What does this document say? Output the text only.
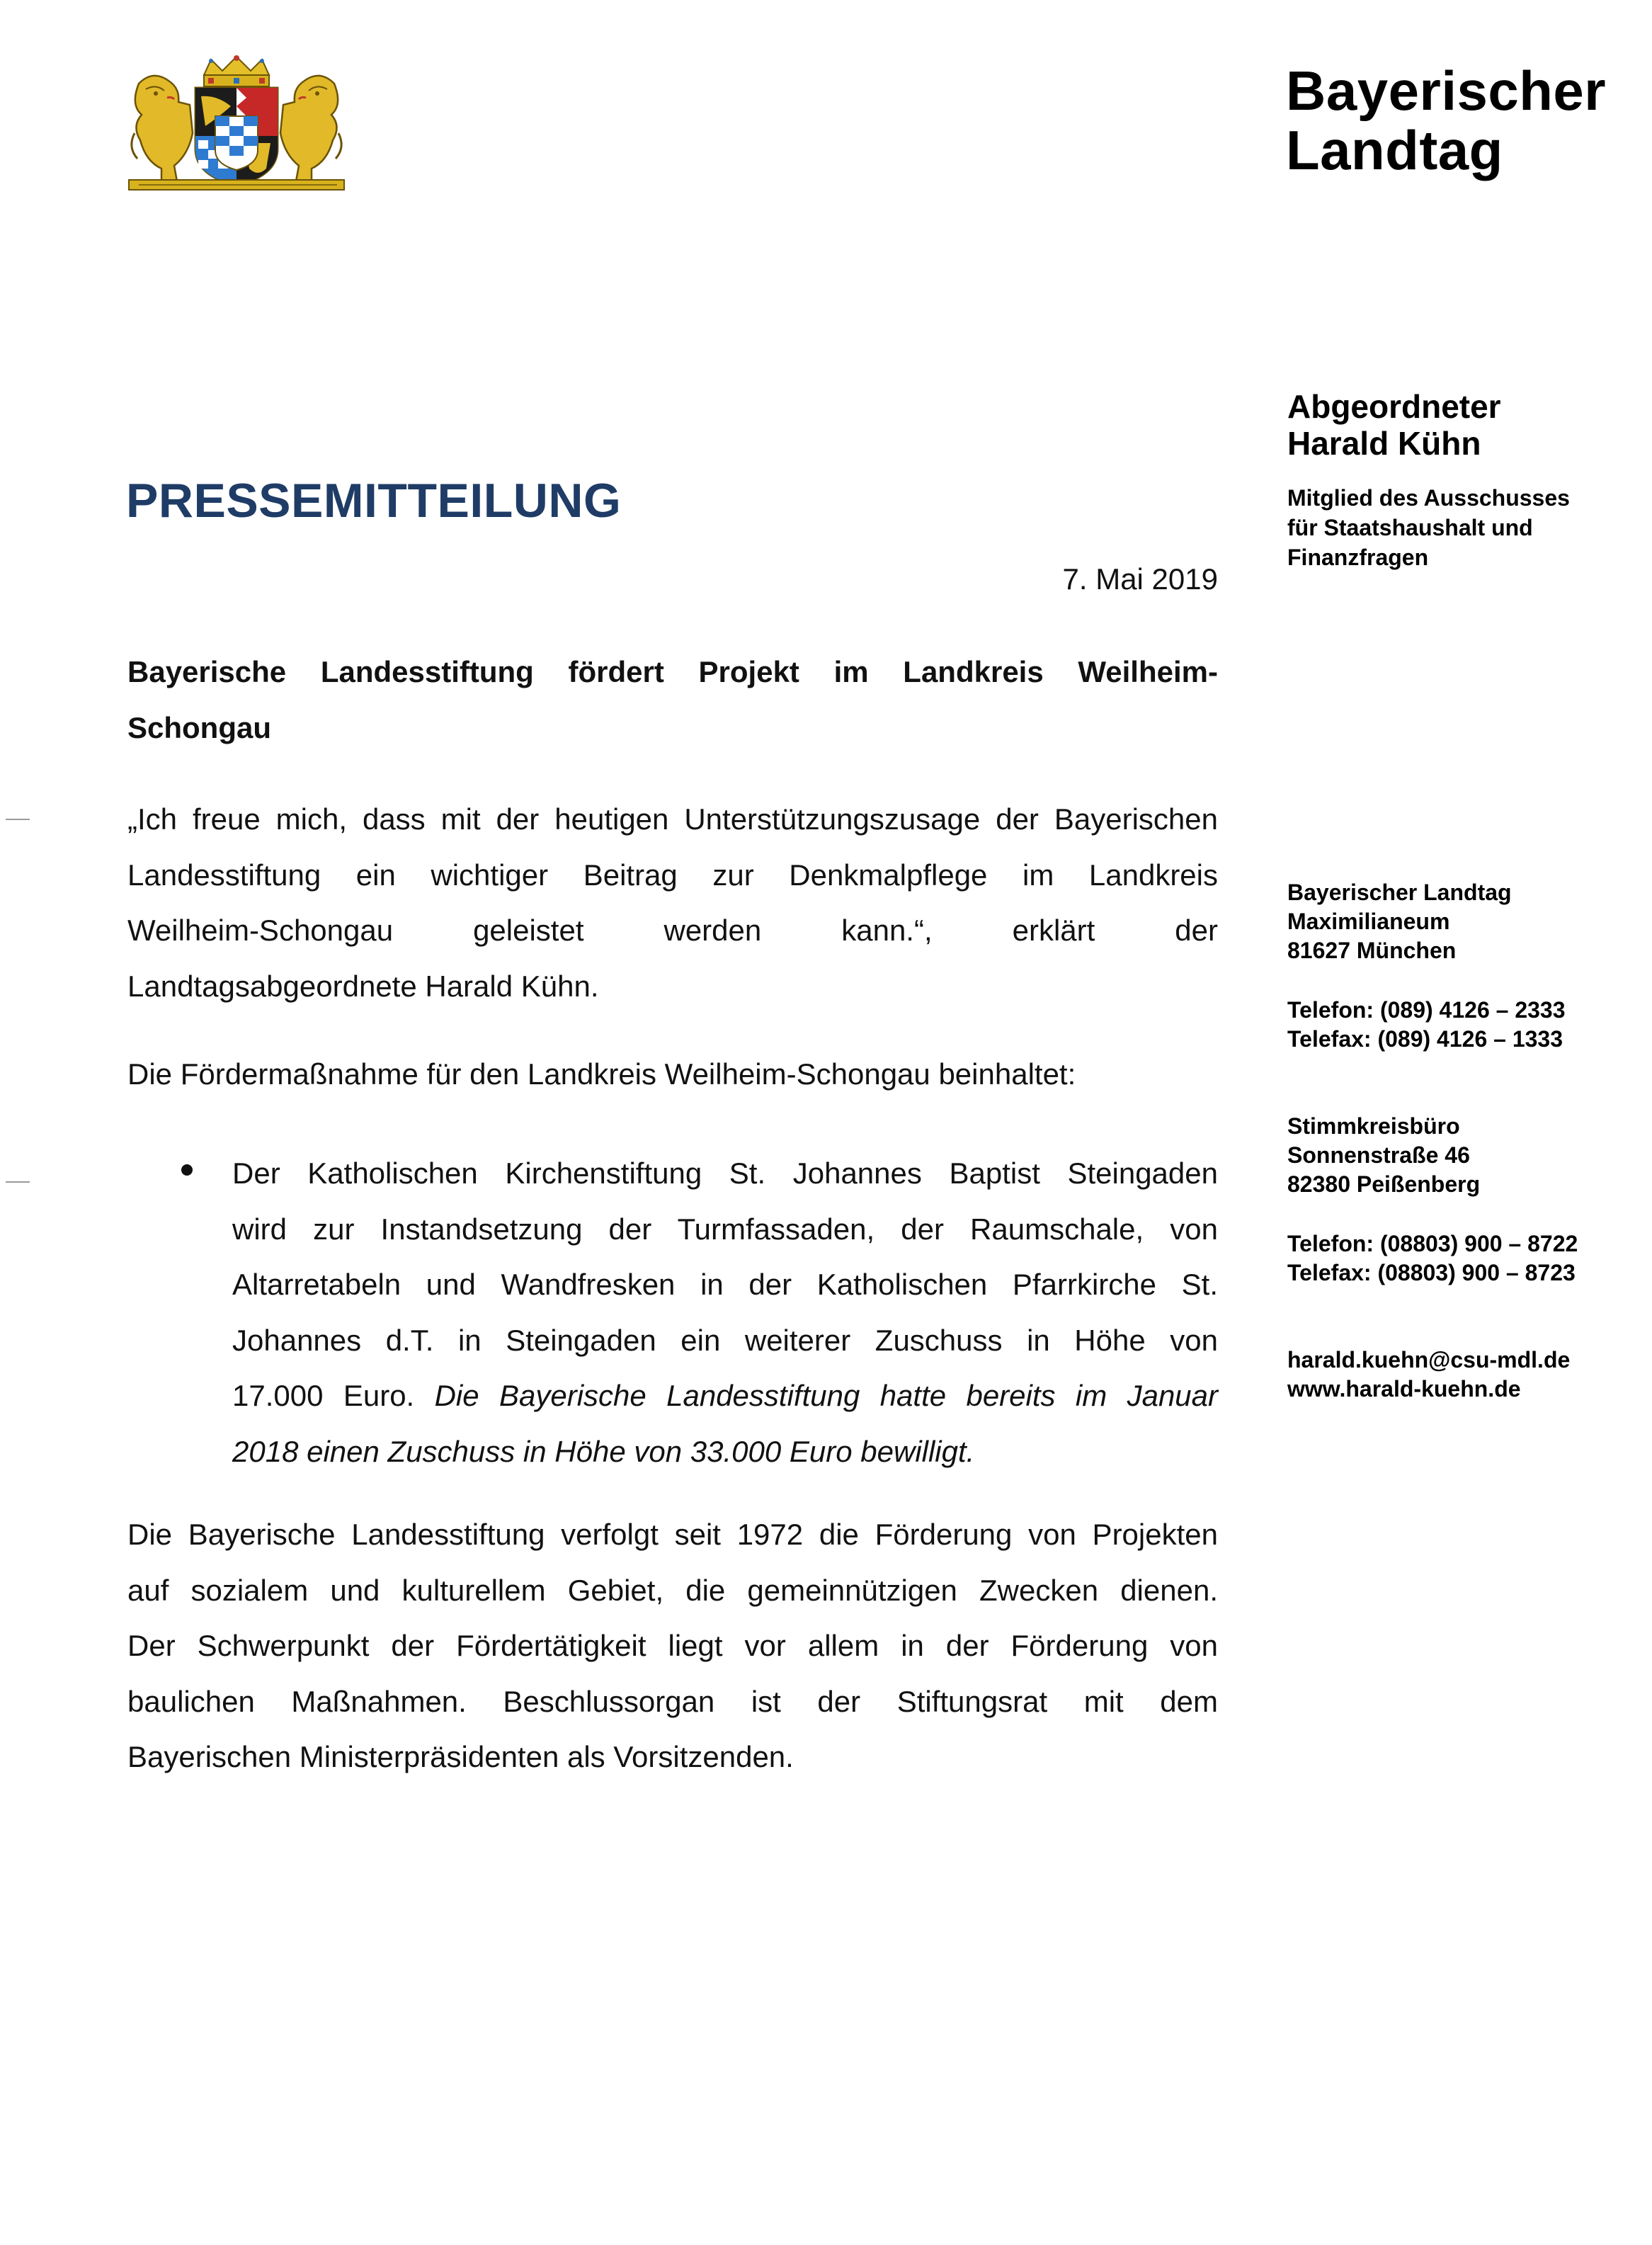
Bayerischer
Landtag
Abgeordneter
Harald Kühn
Mitglied des Ausschusses
für Staatshaushalt und
Finanzfragen
Bayerischer Landtag
Maximilianeum
81627 München
Telefon: (089) 4126 – 2333
Telefax: (089) 4126 – 1333
Stimmkreisbüro
Sonnenstraße 46
82380 Peißenberg
Telefon: (08803) 900 – 8722
Telefax: (08803) 900 – 8723
harald.kuehn@csu-mdl.de
www.harald-kuehn.de
PRESSEMITTEILUNG
7. Mai 2019
Bayerische Landesstiftung fördert Projekt im Landkreis Weilheim-
Schongau
„Ich freue mich, dass mit der heutigen Unterstützungszusage der Bayerischen
Landesstiftung ein wichtiger Beitrag zur Denkmalpflege im Landkreis
Weilheim-Schongau geleistet werden kann.“, erklärt der
Landtagsabgeordnete Harald Kühn.
Die Fördermaßnahme für den Landkreis Weilheim-Schongau beinhaltet:
Der Katholischen Kirchenstiftung St. Johannes Baptist Steingaden
wird zur Instandsetzung der Turmfassaden, der Raumschale, von
Altarretabeln und Wandfresken in der Katholischen Pfarrkirche St.
Johannes d.T. in Steingaden ein weiterer Zuschuss in Höhe von
17.000 Euro. Die Bayerische Landesstiftung hatte bereits im Januar
2018 einen Zuschuss in Höhe von 33.000 Euro bewilligt.
Die Bayerische Landesstiftung verfolgt seit 1972 die Förderung von Projekten
auf sozialem und kulturellem Gebiet, die gemeinnützigen Zwecken dienen.
Der Schwerpunkt der Fördertätigkeit liegt vor allem in der Förderung von
baulichen Maßnahmen. Beschlussorgan ist der Stiftungsrat mit dem
Bayerischen Ministerpräsidenten als Vorsitzenden.
